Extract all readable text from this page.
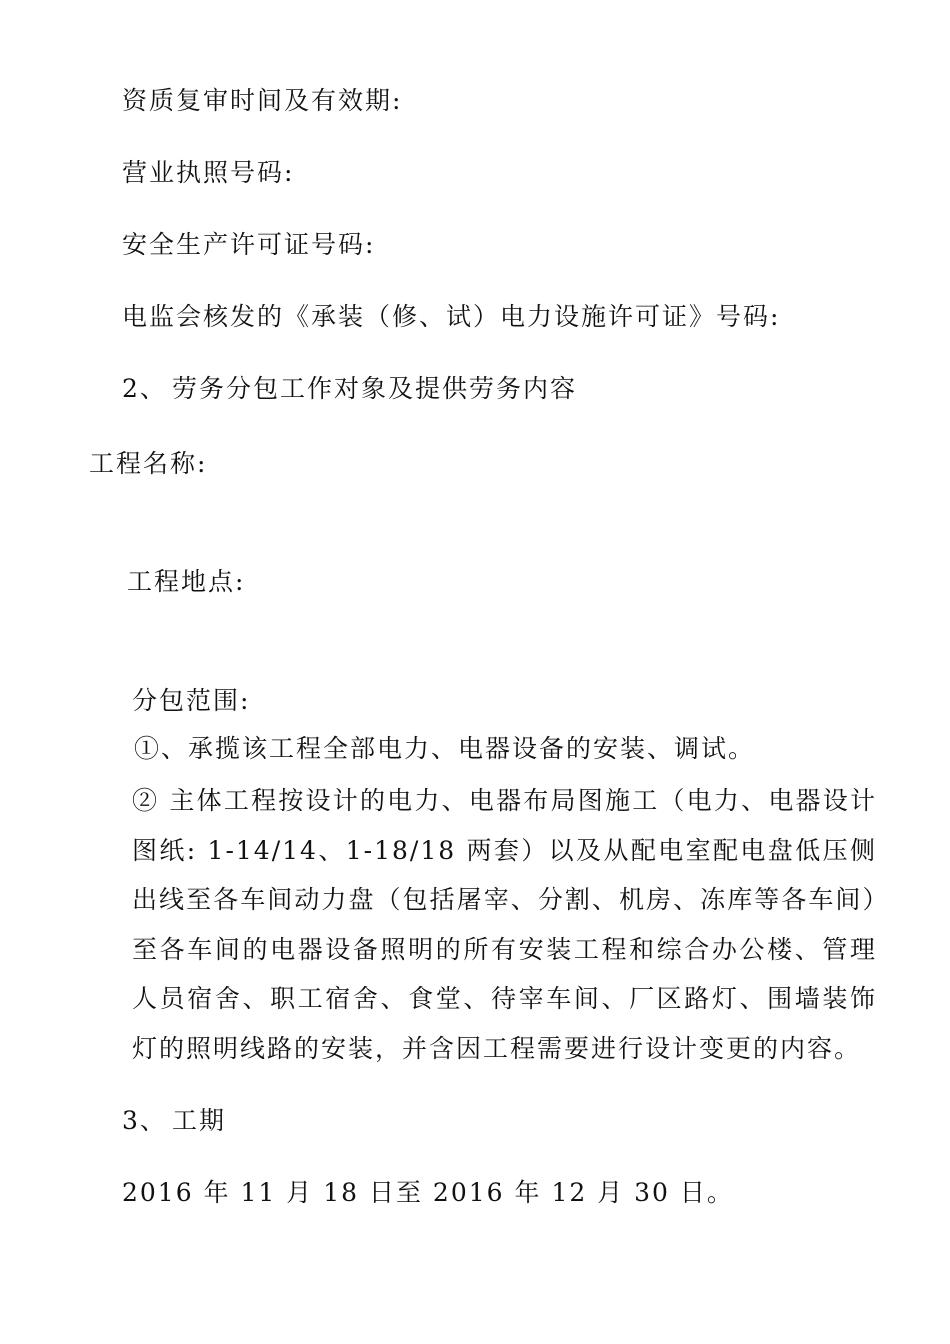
资质复审时间及有效期:
营业执照号码:
安全生产许可证号码:
电监会核发的《承装（修、试）电力设施许可证》号码:
2、 劳务分包工作对象及提供劳务内容
工程名称:
工程地点:
分包范围:
①、承揽该工程全部电力、电器设备的安装、调试。
② 主体工程按设计的电力、电器布局图施工（电力、电器设计图纸: 1-14/14、1-18/18 两套）以及从配电室配电盘低压侧出线至各车间动力盘（包括屠宰、分割、机房、冻库等各车间）至各车间的电器设备照明的所有安装工程和综合办公楼、管理人员宿舍、职工宿舍、食堂、待宰车间、厂区路灯、围墙装饰灯的照明线路的安装，并含因工程需要进行设计变更的内容。
3、 工期
2016 年 11 月 18 日至 2016 年 12 月 30 日。
